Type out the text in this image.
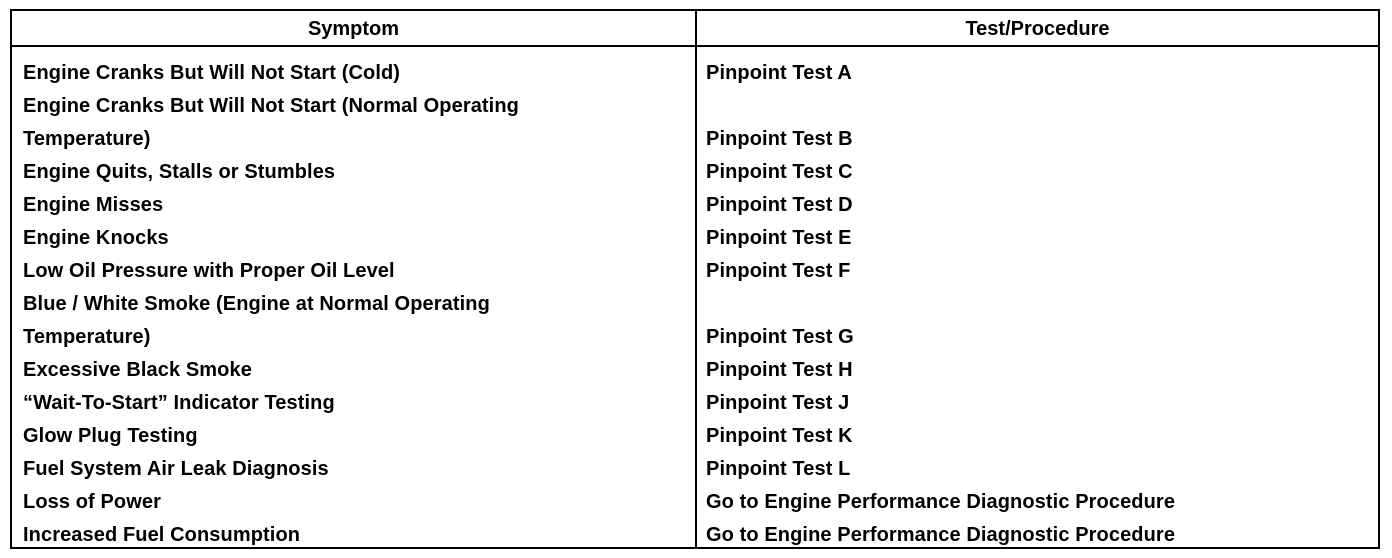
Symptom	Test/Procedure
Engine Cranks But Will Not Start (Cold)
Engine Cranks But Will Not Start (Normal Operating
Temperature)
Engine Quits, Stalls or Stumbles
Engine Misses
Engine Knocks
Low Oil Pressure with Proper Oil Level
Blue / White Smoke (Engine at Normal Operating
Temperature)
Excessive Black Smoke
“Wait-To-Start” Indicator Testing
Glow Plug Testing
Fuel System Air Leak Diagnosis
Loss of Power
Increased Fuel Consumption
Pinpoint Test A
Pinpoint Test B
Pinpoint Test C
Pinpoint Test D
Pinpoint Test E
Pinpoint Test F
Pinpoint Test G
Pinpoint Test H
Pinpoint Test J
Pinpoint Test K
Pinpoint Test L
Go to Engine Performance Diagnostic Procedure
Go to Engine Performance Diagnostic Procedure
